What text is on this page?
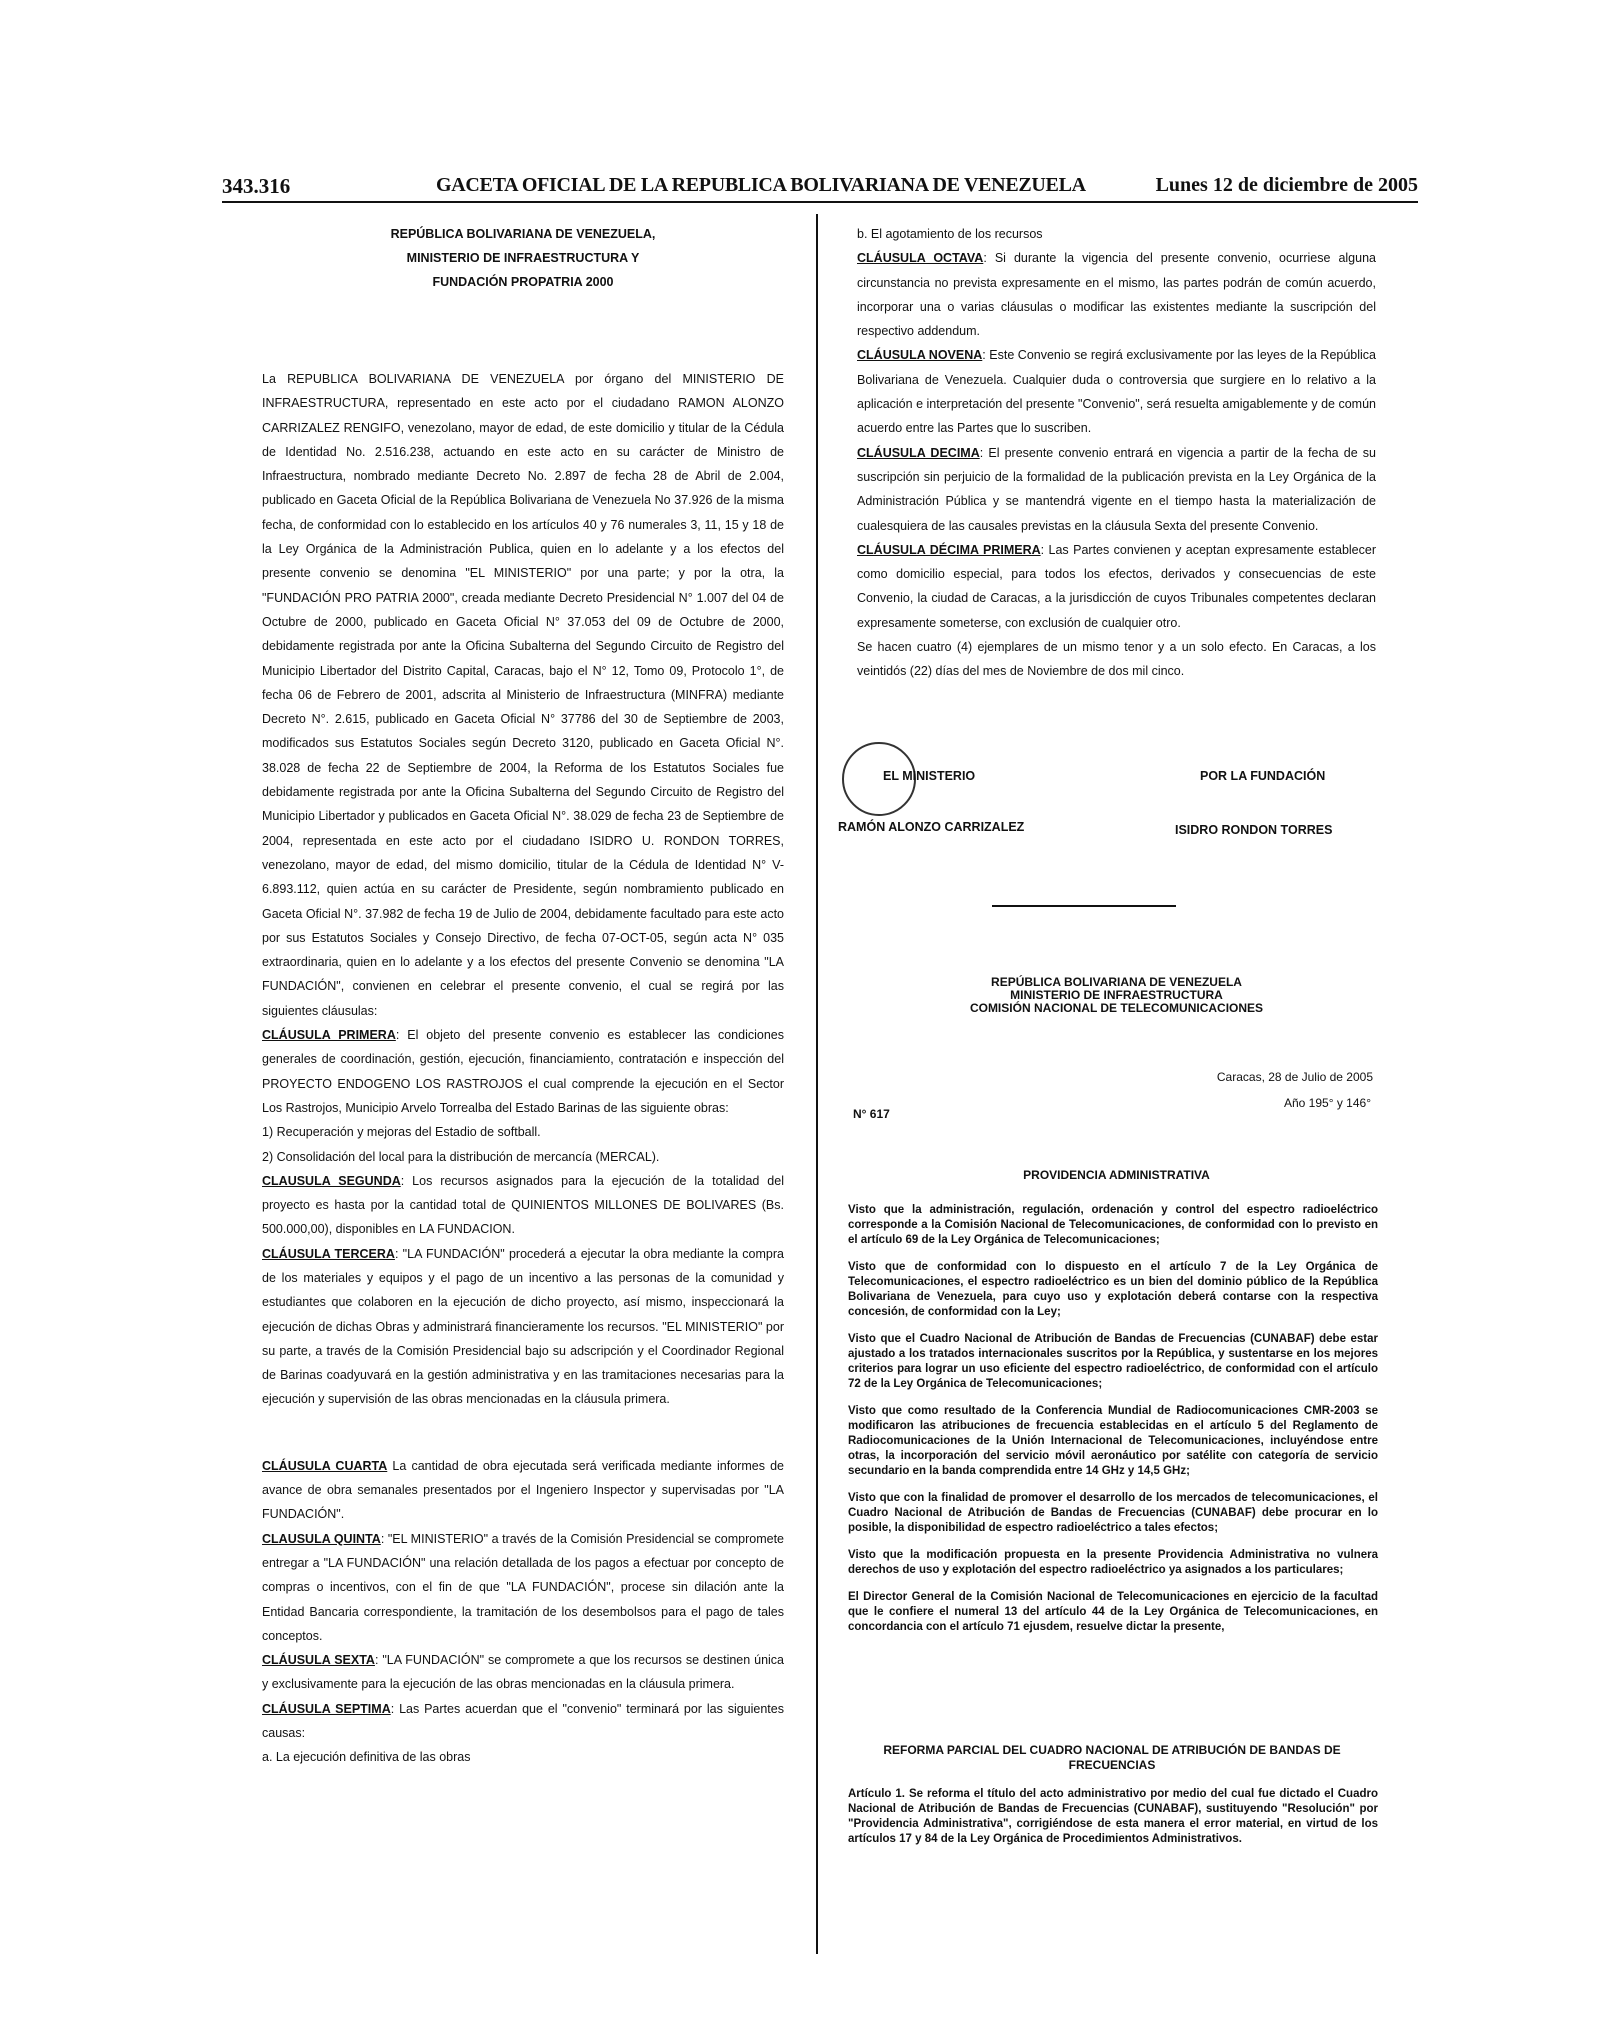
343.316	GACETA OFICIAL DE LA REPUBLICA BOLIVARIANA DE VENEZUELA	Lunes 12 de diciembre de 2005
REPÚBLICA BOLIVARIANA DE VENEZUELA,
MINISTERIO DE INFRAESTRUCTURA Y
FUNDACIÓN PROPATRIA 2000

La REPUBLICA BOLIVARIANA DE VENEZUELA por órgano del MINISTERIO DE INFRAESTRUCTURA, representado en este acto por el ciudadano RAMON ALONZO CARRIZALEZ RENGIFO, venezolano, mayor de edad, de este domicilio y titular de la Cédula de Identidad No. 2.516.238, actuando en este acto en su carácter de Ministro de Infraestructura, nombrado mediante Decreto No. 2.897 de fecha 28 de Abril de 2.004, publicado en Gaceta Oficial de la República Bolivariana de Venezuela No 37.926 de la misma fecha, de conformidad con lo establecido en los artículos 40 y 76 numerales 3, 11, 15 y 18 de la Ley Orgánica de la Administración Publica, quien en lo adelante y a los efectos del presente convenio se denomina "EL MINISTERIO" por una parte; y por la otra, la "FUNDACIÓN PRO PATRIA 2000", creada mediante Decreto Presidencial N° 1.007 del 04 de Octubre de 2000, publicado en Gaceta Oficial N° 37.053 del 09 de Octubre de 2000, debidamente registrada por ante la Oficina Subalterna del Segundo Circuito de Registro del Municipio Libertador del Distrito Capital, Caracas, bajo el N° 12, Tomo 09, Protocolo 1°, de fecha 06 de Febrero de 2001, adscrita al Ministerio de Infraestructura (MINFRA) mediante Decreto N°. 2.615, publicado en Gaceta Oficial N° 37786 del 30 de Septiembre de 2003, modificados sus Estatutos Sociales según Decreto 3120, publicado en Gaceta Oficial N°. 38.028 de fecha 22 de Septiembre de 2004, la Reforma de los Estatutos Sociales fue debidamente registrada por ante la Oficina Subalterna del Segundo Circuito de Registro del Municipio Libertador y publicados en Gaceta Oficial N°. 38.029 de fecha 23 de Septiembre de 2004, representada en este acto por el ciudadano ISIDRO U. RONDON TORRES, venezolano, mayor de edad, del mismo domicilio, titular de la Cédula de Identidad N° V- 6.893.112, quien actúa en su carácter de Presidente, según nombramiento publicado en Gaceta Oficial N°. 37.982 de fecha 19 de Julio de 2004, debidamente facultado para este acto por sus Estatutos Sociales y Consejo Directivo, de fecha 07-OCT-05, según acta N° 035 extraordinaria, quien en lo adelante y a los efectos del presente Convenio se denomina "LA FUNDACIÓN", convienen en celebrar el presente convenio, el cual se regirá por las siguientes cláusulas:

CLÁUSULA PRIMERA: El objeto del presente convenio es establecer las condiciones generales de coordinación, gestión, ejecución, financiamiento, contratación e inspección del PROYECTO ENDOGENO LOS RASTROJOS el cual comprende la ejecución en el Sector Los Rastrojos, Municipio Arvelo Torrealba del Estado Barinas de las siguiente obras:

1) Recuperación y mejoras del Estadio de softball.

2) Consolidación del local para la distribución de mercancía (MERCAL).

CLAUSULA SEGUNDA: Los recursos asignados para la ejecución de la totalidad del proyecto es hasta por la cantidad total de QUINIENTOS MILLONES DE BOLIVARES (Bs. 500.000,00), disponibles en LA FUNDACION.

CLÁUSULA TERCERA: "LA FUNDACIÓN" procederá a ejecutar la obra mediante la compra de los materiales y equipos y el pago de un incentivo a las personas de la comunidad y estudiantes que colaboren en la ejecución de dicho proyecto, así mismo, inspeccionará la ejecución de dichas Obras y administrará financieramente los recursos. "EL MINISTERIO" por su parte, a través de la Comisión Presidencial bajo su adscripción y el Coordinador Regional de Barinas coadyuvará en la gestión administrativa y en las tramitaciones necesarias para la ejecución y supervisión de las obras mencionadas en la cláusula primera.

CLÁUSULA CUARTA La cantidad de obra ejecutada será verificada mediante informes de avance de obra semanales presentados por el Ingeniero Inspector y supervisadas por "LA FUNDACIÓN".

CLAUSULA QUINTA: "EL MINISTERIO" a través de la Comisión Presidencial se compromete entregar a "LA FUNDACIÓN" una relación detallada de los pagos a efectuar por concepto de compras o incentivos, con el fin de que "LA FUNDACIÓN", procese sin dilación ante la Entidad Bancaria correspondiente, la tramitación de los desembolsos para el pago de tales conceptos.

CLÁUSULA SEXTA: "LA FUNDACIÓN" se compromete a que los recursos se destinen única y exclusivamente para la ejecución de las obras mencionadas en la cláusula primera.

CLÁUSULA SEPTIMA: Las Partes acuerdan que el "convenio" terminará por las siguientes causas:

a. La ejecución definitiva de las obras

b. El agotamiento de los recursos

CLÁUSULA OCTAVA: Si durante la vigencia del presente convenio, ocurriese alguna circunstancia no prevista expresamente en el mismo, las partes podrán de común acuerdo, incorporar una o varias cláusulas o modificar las existentes mediante la suscripción del respectivo addendum.

CLÁUSULA NOVENA: Este Convenio se regirá exclusivamente por las leyes de la República Bolivariana de Venezuela. Cualquier duda o controversia que surgiere en lo relativo a la aplicación e interpretación del presente "Convenio", será resuelta amigablemente y de común acuerdo entre las Partes que lo suscriben.

CLÁUSULA DECIMA: El presente convenio entrará en vigencia a partir de la fecha de su suscripción sin perjuicio de la formalidad de la publicación prevista en la Ley Orgánica de la Administración Pública y se mantendrá vigente en el tiempo hasta la materialización de cualesquiera de las causales previstas en la cláusula Sexta del presente Convenio.

CLÁUSULA DÉCIMA PRIMERA: Las Partes convienen y aceptan expresamente establecer como domicilio especial, para todos los efectos, derivados y consecuencias de este Convenio, la ciudad de Caracas, a la jurisdicción de cuyos Tribunales competentes declaran expresamente someterse, con exclusión de cualquier otro.

Se hacen cuatro (4) ejemplares de un mismo tenor y a un solo efecto. En Caracas, a los veintidós (22) días del mes de Noviembre de dos mil cinco.

EL MINISTERIO
RAMÓN ALONZO CARRIZALEZ
POR LA FUNDACIÓN
ISIDRO RONDON TORRES
REPÚBLICA BOLIVARIANA DE VENEZUELA
MINISTERIO DE INFRAESTRUCTURA
COMISIÓN NACIONAL DE TELECOMUNICACIONES
Caracas, 28 de Julio de 2005
N° 617
Año 195° y 146°
PROVIDENCIA ADMINISTRATIVA

Visto que la administración, regulación, ordenación y control del espectro radioeléctrico corresponde a la Comisión Nacional de Telecomunicaciones, de conformidad con lo previsto en el artículo 69 de la Ley Orgánica de Telecomunicaciones;

Visto que de conformidad con lo dispuesto en el artículo 7 de la Ley Orgánica de Telecomunicaciones, el espectro radioeléctrico es un bien del dominio público de la República Bolivariana de Venezuela, para cuyo uso y explotación deberá contarse con la respectiva concesión, de conformidad con la Ley;

Visto que el Cuadro Nacional de Atribución de Bandas de Frecuencias (CUNABAF) debe estar ajustado a los tratados internacionales suscritos por la República, y sustentarse en los mejores criterios para lograr un uso eficiente del espectro radioeléctrico, de conformidad con el artículo 72 de la Ley Orgánica de Telecomunicaciones;

Visto que como resultado de la Conferencia Mundial de Radiocomunicaciones CMR-2003 se modificaron las atribuciones de frecuencia establecidas en el artículo 5 del Reglamento de Radiocomunicaciones de la Unión Internacional de Telecomunicaciones, incluyéndose entre otras, la incorporación del servicio móvil aeronáutico por satélite con categoría de servicio secundario en la banda comprendida entre 14 GHz y 14,5 GHz;

Visto que con la finalidad de promover el desarrollo de los mercados de telecomunicaciones, el Cuadro Nacional de Atribución de Bandas de Frecuencias (CUNABAF) debe procurar en lo posible, la disponibilidad de espectro radioeléctrico a tales efectos;

Visto que la modificación propuesta en la presente Providencia Administrativa no vulnera derechos de uso y explotación del espectro radioeléctrico ya asignados a los particulares;

El Director General de la Comisión Nacional de Telecomunicaciones en ejercicio de la facultad que le confiere el numeral 13 del artículo 44 de la Ley Orgánica de Telecomunicaciones, en concordancia con el artículo 71 ejusdem, resuelve dictar la presente,

REFORMA PARCIAL DEL CUADRO NACIONAL DE ATRIBUCIÓN DE BANDAS DE FRECUENCIAS

Artículo 1. Se reforma el título del acto administrativo por medio del cual fue dictado el Cuadro Nacional de Atribución de Bandas de Frecuencias (CUNABAF), sustituyendo "Resolución" por "Providencia Administrativa", corrigiéndose de esta manera el error material, en virtud de los artículos 17 y 84 de la Ley Orgánica de Procedimientos Administrativos.
